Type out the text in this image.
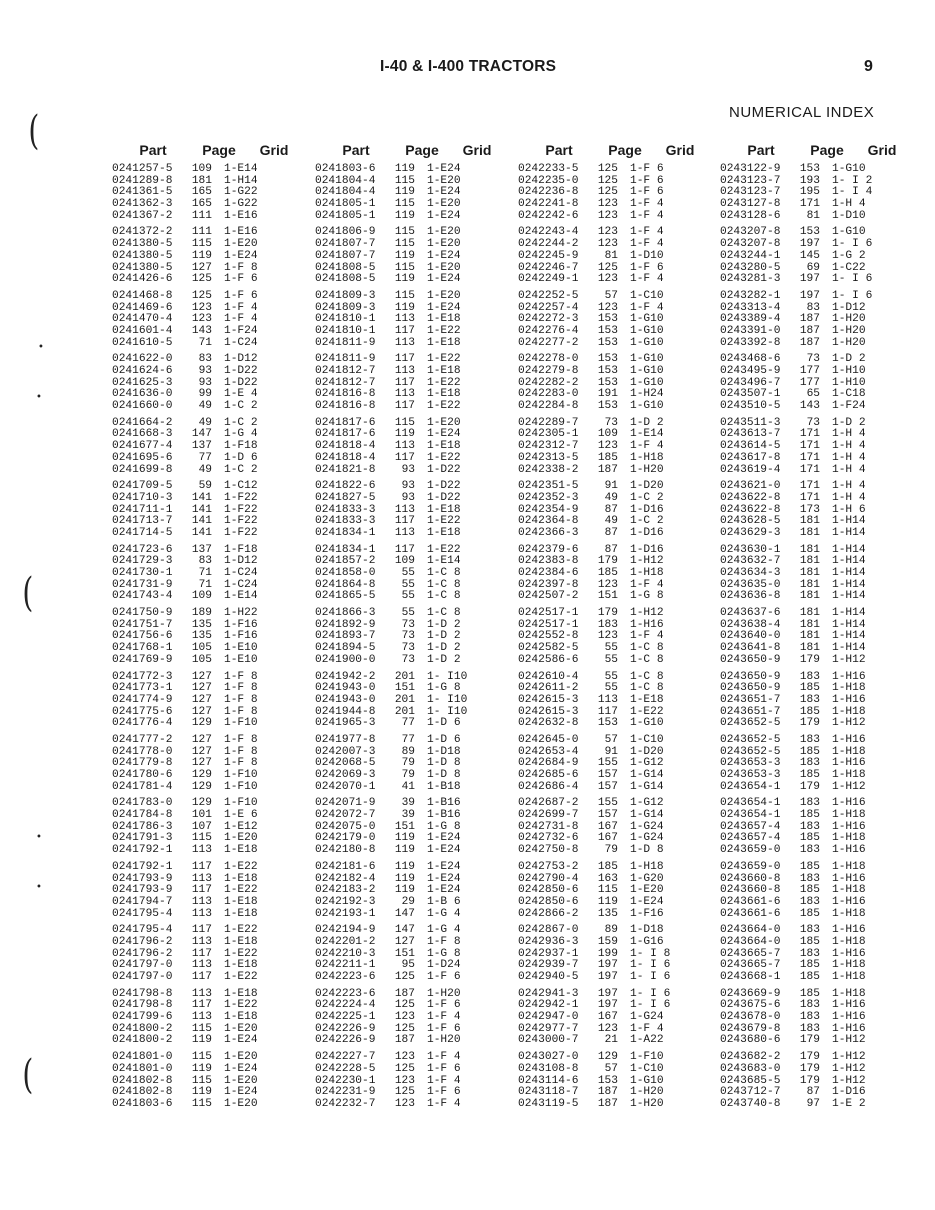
I-40 & I-400 TRACTORS	9
NUMERICAL INDEX
(
(
(
•
•
•
•
Part	Page	Grid
0241257-5	109	1-E14
0241289-8	181	1-H14
0241361-5	165	1-G22
0241362-3	165	1-G22
0241367-2	111	1-E16
0241372-2	111	1-E16
0241380-5	115	1-E20
0241380-5	119	1-E24
0241380-5	127	1-F 8
0241426-6	125	1-F 6
0241468-8	125	1-F 6
0241469-6	123	1-F 4
0241470-4	123	1-F 4
0241601-4	143	1-F24
0241610-5	71	1-C24
0241622-0	83	1-D12
0241624-6	93	1-D22
0241625-3	93	1-D22
0241636-0	99	1-E 4
0241660-0	49	1-C 2
0241664-2	49	1-C 2
0241668-3	147	1-G 4
0241677-4	137	1-F18
0241695-6	77	1-D 6
0241699-8	49	1-C 2
0241709-5	59	1-C12
0241710-3	141	1-F22
0241711-1	141	1-F22
0241713-7	141	1-F22
0241714-5	141	1-F22
0241723-6	137	1-F18
0241729-3	83	1-D12
0241730-1	71	1-C24
0241731-9	71	1-C24
0241743-4	109	1-E14
0241750-9	189	1-H22
0241751-7	135	1-F16
0241756-6	135	1-F16
0241768-1	105	1-E10
0241769-9	105	1-E10
0241772-3	127	1-F 8
0241773-1	127	1-F 8
0241774-9	127	1-F 8
0241775-6	127	1-F 8
0241776-4	129	1-F10
0241777-2	127	1-F 8
0241778-0	127	1-F 8
0241779-8	127	1-F 8
0241780-6	129	1-F10
0241781-4	129	1-F10
0241783-0	129	1-F10
0241784-8	101	1-E 6
0241786-3	107	1-E12
0241791-3	115	1-E20
0241792-1	113	1-E18
0241792-1	117	1-E22
0241793-9	113	1-E18
0241793-9	117	1-E22
0241794-7	113	1-E18
0241795-4	113	1-E18
0241795-4	117	1-E22
0241796-2	113	1-E18
0241796-2	117	1-E22
0241797-0	113	1-E18
0241797-0	117	1-E22
0241798-8	113	1-E18
0241798-8	117	1-E22
0241799-6	113	1-E18
0241800-2	115	1-E20
0241800-2	119	1-E24
0241801-0	115	1-E20
0241801-0	119	1-E24
0241802-8	115	1-E20
0241802-8	119	1-E24
0241803-6	115	1-E20
Part	Page	Grid
0241803-6	119	1-E24
0241804-4	115	1-E20
0241804-4	119	1-E24
0241805-1	115	1-E20
0241805-1	119	1-E24
0241806-9	115	1-E20
0241807-7	115	1-E20
0241807-7	119	1-E24
0241808-5	115	1-E20
0241808-5	119	1-E24
0241809-3	115	1-E20
0241809-3	119	1-E24
0241810-1	113	1-E18
0241810-1	117	1-E22
0241811-9	113	1-E18
0241811-9	117	1-E22
0241812-7	113	1-E18
0241812-7	117	1-E22
0241816-8	113	1-E18
0241816-8	117	1-E22
0241817-6	115	1-E20
0241817-6	119	1-E24
0241818-4	113	1-E18
0241818-4	117	1-E22
0241821-8	93	1-D22
0241822-6	93	1-D22
0241827-5	93	1-D22
0241833-3	113	1-E18
0241833-3	117	1-E22
0241834-1	113	1-E18
0241834-1	117	1-E22
0241857-2	109	1-E14
0241858-0	55	1-C 8
0241864-8	55	1-C 8
0241865-5	55	1-C 8
0241866-3	55	1-C 8
0241892-9	73	1-D 2
0241893-7	73	1-D 2
0241894-5	73	1-D 2
0241900-0	73	1-D 2
0241942-2	201	1- I10
0241943-0	151	1-G 8
0241943-0	201	1- I10
0241944-8	201	1- I10
0241965-3	77	1-D 6
0241977-8	77	1-D 6
0242007-3	89	1-D18
0242068-5	79	1-D 8
0242069-3	79	1-D 8
0242070-1	41	1-B18
0242071-9	39	1-B16
0242072-7	39	1-B16
0242075-0	151	1-G 8
0242179-0	119	1-E24
0242180-8	119	1-E24
0242181-6	119	1-E24
0242182-4	119	1-E24
0242183-2	119	1-E24
0242192-3	29	1-B 6
0242193-1	147	1-G 4
0242194-9	147	1-G 4
0242201-2	127	1-F 8
0242210-3	151	1-G 8
0242211-1	95	1-D24
0242223-6	125	1-F 6
0242223-6	187	1-H20
0242224-4	125	1-F 6
0242225-1	123	1-F 4
0242226-9	125	1-F 6
0242226-9	187	1-H20
0242227-7	123	1-F 4
0242228-5	125	1-F 6
0242230-1	123	1-F 4
0242231-9	125	1-F 6
0242232-7	123	1-F 4
Part	Page	Grid
0242233-5	125	1-F 6
0242235-0	125	1-F 6
0242236-8	125	1-F 6
0242241-8	123	1-F 4
0242242-6	123	1-F 4
0242243-4	123	1-F 4
0242244-2	123	1-F 4
0242245-9	81	1-D10
0242246-7	125	1-F 6
0242249-1	123	1-F 4
0242252-5	57	1-C10
0242257-4	123	1-F 4
0242272-3	153	1-G10
0242276-4	153	1-G10
0242277-2	153	1-G10
0242278-0	153	1-G10
0242279-8	153	1-G10
0242282-2	153	1-G10
0242283-0	191	1-H24
0242284-8	153	1-G10
0242289-7	73	1-D 2
0242305-1	109	1-E14
0242312-7	123	1-F 4
0242313-5	185	1-H18
0242338-2	187	1-H20
0242351-5	91	1-D20
0242352-3	49	1-C 2
0242354-9	87	1-D16
0242364-8	49	1-C 2
0242366-3	87	1-D16
0242379-6	87	1-D16
0242383-8	179	1-H12
0242384-6	185	1-H18
0242397-8	123	1-F 4
0242507-2	151	1-G 8
0242517-1	179	1-H12
0242517-1	183	1-H16
0242552-8	123	1-F 4
0242582-5	55	1-C 8
0242586-6	55	1-C 8
0242610-4	55	1-C 8
0242611-2	55	1-C 8
0242615-3	113	1-E18
0242615-3	117	1-E22
0242632-8	153	1-G10
0242645-0	57	1-C10
0242653-4	91	1-D20
0242684-9	155	1-G12
0242685-6	157	1-G14
0242686-4	157	1-G14
0242687-2	155	1-G12
0242699-7	157	1-G14
0242731-8	167	1-G24
0242732-6	167	1-G24
0242750-8	79	1-D 8
0242753-2	185	1-H18
0242790-4	163	1-G20
0242850-6	115	1-E20
0242850-6	119	1-E24
0242866-2	135	1-F16
0242867-0	89	1-D18
0242936-3	159	1-G16
0242937-1	199	1- I 8
0242939-7	197	1- I 6
0242940-5	197	1- I 6
0242941-3	197	1- I 6
0242942-1	197	1- I 6
0242947-0	167	1-G24
0242977-7	123	1-F 4
0243000-7	21	1-A22
0243027-0	129	1-F10
0243108-8	57	1-C10
0243114-6	153	1-G10
0243118-7	187	1-H20
0243119-5	187	1-H20
Part	Page	Grid
0243122-9	153	1-G10
0243123-7	193	1- I 2
0243123-7	195	1- I 4
0243127-8	171	1-H 4
0243128-6	81	1-D10
0243207-8	153	1-G10
0243207-8	197	1- I 6
0243244-1	145	1-G 2
0243280-5	69	1-C22
0243281-3	197	1- I 6
0243282-1	197	1- I 6
0243313-4	83	1-D12
0243389-4	187	1-H20
0243391-0	187	1-H20
0243392-8	187	1-H20
0243468-6	73	1-D 2
0243495-9	177	1-H10
0243496-7	177	1-H10
0243507-1	65	1-C18
0243510-5	143	1-F24
0243511-3	73	1-D 2
0243613-7	171	1-H 4
0243614-5	171	1-H 4
0243617-8	171	1-H 4
0243619-4	171	1-H 4
0243621-0	171	1-H 4
0243622-8	171	1-H 4
0243622-8	173	1-H 6
0243628-5	181	1-H14
0243629-3	181	1-H14
0243630-1	181	1-H14
0243632-7	181	1-H14
0243634-3	181	1-H14
0243635-0	181	1-H14
0243636-8	181	1-H14
0243637-6	181	1-H14
0243638-4	181	1-H14
0243640-0	181	1-H14
0243641-8	181	1-H14
0243650-9	179	1-H12
0243650-9	183	1-H16
0243650-9	185	1-H18
0243651-7	183	1-H16
0243651-7	185	1-H18
0243652-5	179	1-H12
0243652-5	183	1-H16
0243652-5	185	1-H18
0243653-3	183	1-H16
0243653-3	185	1-H18
0243654-1	179	1-H12
0243654-1	183	1-H16
0243654-1	185	1-H18
0243657-4	183	1-H16
0243657-4	185	1-H18
0243659-0	183	1-H16
0243659-0	185	1-H18
0243660-8	183	1-H16
0243660-8	185	1-H18
0243661-6	183	1-H16
0243661-6	185	1-H18
0243664-0	183	1-H16
0243664-0	185	1-H18
0243665-7	183	1-H16
0243665-7	185	1-H18
0243668-1	185	1-H18
0243669-9	185	1-H18
0243675-6	183	1-H16
0243678-0	183	1-H16
0243679-8	183	1-H16
0243680-6	179	1-H12
0243682-2	179	1-H12
0243683-0	179	1-H12
0243685-5	179	1-H12
0243712-7	87	1-D16
0243740-8	97	1-E 2
